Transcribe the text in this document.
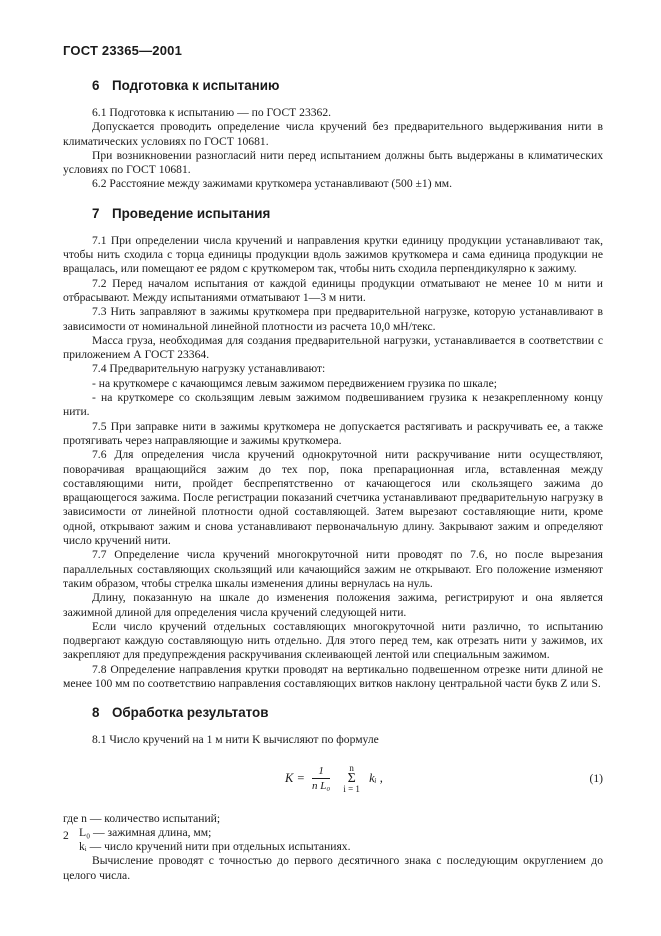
ГОСТ 23365—2001
6 Подготовка к испытанию

6.1 Подготовка к испытанию — по ГОСТ 23362.

Допускается проводить определение числа кручений без предварительного выдерживания нити в климатических условиях по ГОСТ 10681.

При возникновении разногласий нити перед испытанием должны быть выдержаны в климатических условиях по ГОСТ 10681.

6.2 Расстояние между зажимами круткомера устанавливают (500 ±1) мм.

7 Проведение испытания

7.1 При определении числа кручений и направления крутки единицу продукции устанавливают так, чтобы нить сходила с торца единицы продукции вдоль зажимов круткомера и сама единица продукции не вращалась, или помещают ее рядом с круткомером так, чтобы нить сходила перпендикулярно к зажиму.

7.2 Перед началом испытания от каждой единицы продукции отматывают не менее 10 м нити и отбрасывают. Между испытаниями отматывают 1—3 м нити.

7.3 Нить заправляют в зажимы круткомера при предварительной нагрузке, которую устанавливают в зависимости от номинальной линейной плотности из расчета 10,0 мН/текс.

Масса груза, необходимая для создания предварительной нагрузки, устанавливается в соответствии с приложением А ГОСТ 23364.

7.4 Предварительную нагрузку устанавливают:

- на круткомере с качающимся левым зажимом передвижением грузика по шкале;

- на круткомере со скользящим левым зажимом подвешиванием грузика к незакрепленному концу нити.

7.5 При заправке нити в зажимы круткомера не допускается растягивать и раскручивать ее, а также протягивать через направляющие и зажимы круткомера.

7.6 Для определения числа кручений однокруточной нити раскручивание нити осуществляют, поворачивая вращающийся зажим до тех пор, пока препарационная игла, вставленная между составляющими нити, пройдет беспрепятственно от качающегося или скользящего зажима до вращающегося зажима. После регистрации показаний счетчика устанавливают предварительную нагрузку в зависимости от линейной плотности одной составляющей. Затем вырезают составляющие нити, кроме одной, открывают зажим и снова устанавливают первоначальную длину. Закрывают зажим и определяют число кручений нити.

7.7 Определение числа кручений многокруточной нити проводят по 7.6, но после вырезания параллельных составляющих скользящий или качающийся зажим не открывают. Его положение изменяют таким образом, чтобы стрелка шкалы изменения длины вернулась на нуль.

Длину, показанную на шкале до изменения положения зажима, регистрируют и она является зажимной длиной для определения числа кручений следующей нити.

Если число кручений отдельных составляющих многокруточной нити различно, то испытанию подвергают каждую составляющую нить отдельно. Для этого перед тем, как отрезать нити у зажимов, их закрепляют для предупреждения раскручивания склеивающей лентой или специальным зажимом.

7.8 Определение направления крутки проводят на вертикально подвешенном отрезке нити длиной не менее 100 мм по соответствию направления составляющих витков наклону центральной части букв Z или S.

8 Обработка результатов

8.1 Число кручений на 1 м нити K вычисляют по формуле

$K = \frac{1}{\text{n L₀}}$ n
Σ
i = 1 kᵢ ,	(1)

где n — количество испытаний;

L₀ — зажимная длина, мм;

kᵢ — число кручений нити при отдельных испытаниях.

Вычисление проводят с точностью до первого десятичного знака с последующим округлением до целого числа.

2
